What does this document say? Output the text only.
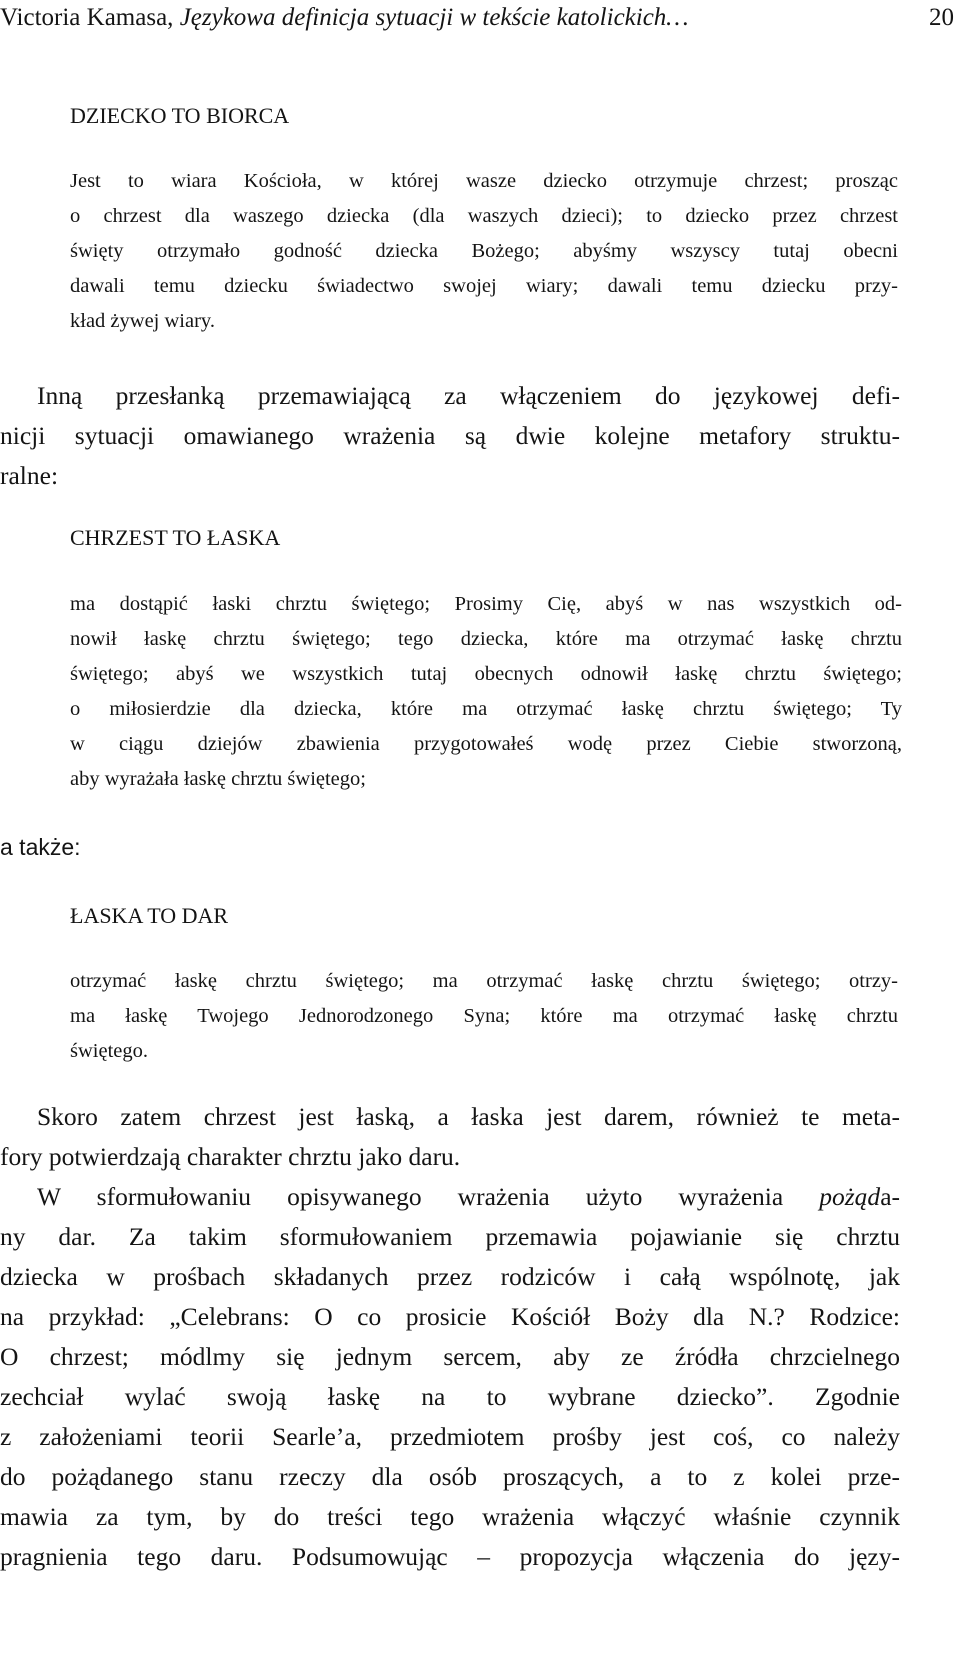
Victoria Kamasa, Językowa definicja sytuacji w tekście katolickich…	20
DZIECKO TO BIORCA
Jest to wiara Kościoła, w której wasze dziecko otrzymuje chrzest; prosząc
o chrzest dla waszego dziecka (dla waszych dzieci); to dziecko przez chrzest
święty otrzymało godność dziecka Bożego; abyśmy wszyscy tutaj obecni
dawali temu dziecku świadectwo swojej wiary; dawali temu dziecku przy-
kład żywej wiary.
Inną przesłanką przemawiającą za włączeniem do językowej defi-
nicji sytuacji omawianego wrażenia są dwie kolejne metafory struktu-
ralne:
CHRZEST TO ŁASKA
ma dostąpić łaski chrztu świętego; Prosimy Cię, abyś w nas wszystkich od-
nowił łaskę chrztu świętego; tego dziecka, które ma otrzymać łaskę chrztu
świętego; abyś we wszystkich tutaj obecnych odnowił łaskę chrztu świętego;
o miłosierdzie dla dziecka, które ma otrzymać łaskę chrztu świętego; Ty
w ciągu dziejów zbawienia przygotowałeś wodę przez Ciebie stworzoną,
aby wyrażała łaskę chrztu świętego;
a także:
ŁASKA TO DAR
otrzymać łaskę chrztu świętego; ma otrzymać łaskę chrztu świętego; otrzy-
ma łaskę Twojego Jednorodzonego Syna; które ma otrzymać łaskę chrztu
świętego.
Skoro zatem chrzest jest łaską, a łaska jest darem, również te meta-
fory potwierdzają charakter chrztu jako daru.
W sformułowaniu opisywanego wrażenia użyto wyrażenia pożąda-
ny dar. Za takim sformułowaniem przemawia pojawianie się chrztu
dziecka w prośbach składanych przez rodziców i całą wspólnotę, jak
na przykład: „Celebrans: O co prosicie Kościół Boży dla N.? Rodzice:
O chrzest; módlmy się jednym sercem, aby ze źródła chrzcielnego
zechciał wylać swoją łaskę na to wybrane dziecko”. Zgodnie
z założeniami teorii Searle’a, przedmiotem prośby jest coś, co należy
do pożądanego stanu rzeczy dla osób proszących, a to z kolei prze-
mawia za tym, by do treści tego wrażenia włączyć właśnie czynnik
pragnienia tego daru. Podsumowując – propozycja włączenia do języ-
